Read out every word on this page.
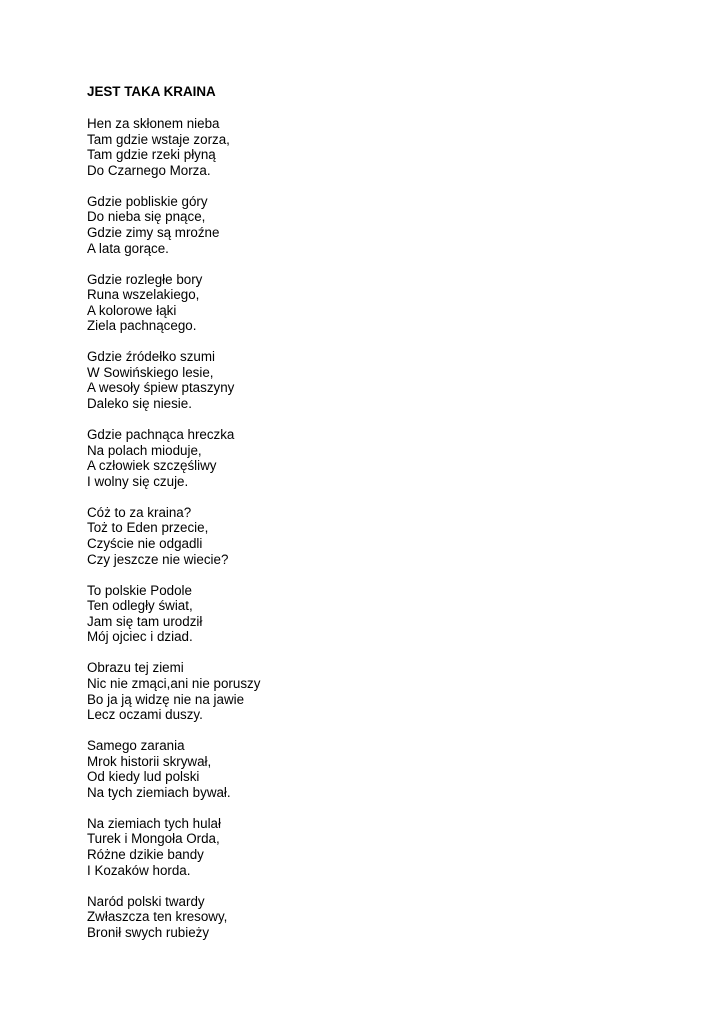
JEST TAKA KRAINA
Hen za skłonem nieba
Tam gdzie wstaje zorza,
Tam gdzie rzeki płyną
Do Czarnego Morza.
Gdzie pobliskie góry
Do nieba się pnące,
Gdzie zimy są mroźne
A lata gorące.
Gdzie rozległe bory
Runa wszelakiego,
A kolorowe łąki
Ziela pachnącego.
Gdzie źródełko szumi
W Sowińskiego lesie,
A wesoły śpiew ptaszyny
Daleko się niesie.
Gdzie pachnąca hreczka
Na polach mioduje,
A człowiek szczęśliwy
I wolny się czuje.
Cóż to za kraina?
Toż to Eden przecie,
Czyście nie odgadli
Czy jeszcze nie wiecie?
To polskie Podole
Ten odległy świat,
Jam się tam urodził
Mój ojciec i dziad.
Obrazu tej ziemi
Nic nie zmąci,ani nie poruszy
Bo ja ją widzę nie na jawie
Lecz oczami duszy.
Samego zarania
Mrok historii skrywał,
Od kiedy lud polski
Na tych ziemiach bywał.
Na ziemiach tych hulał
Turek i Mongoła Orda,
Różne dzikie bandy
I Kozaków horda.
Naród polski twardy
Zwłaszcza ten kresowy,
Bronił swych rubieży
